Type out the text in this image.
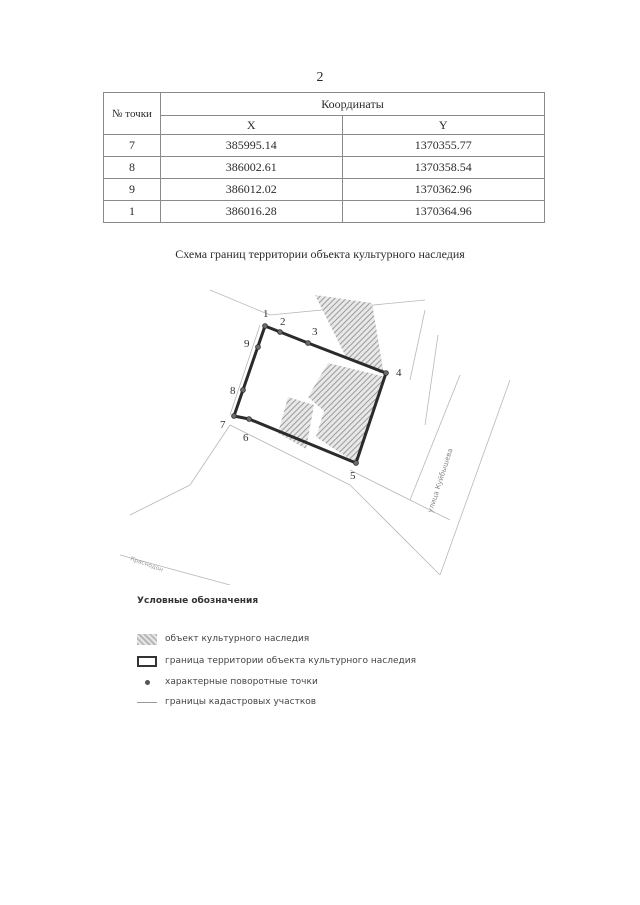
2
№ точки	Координаты	
	X	Y
7	385995.14	1370355.77
8	386002.61	1370358.54
9	386012.02	1370362.96
1	386016.28	1370364.96
Схема границ территории объекта культурного наследия
1
2
3
4
5
6
7
8
9
улица Куйбышева
Краснодон
Условные обозначения
объект культурного наследия
граница территории объекта культурного наследия
характерные поворотные точки
границы кадастровых участков
